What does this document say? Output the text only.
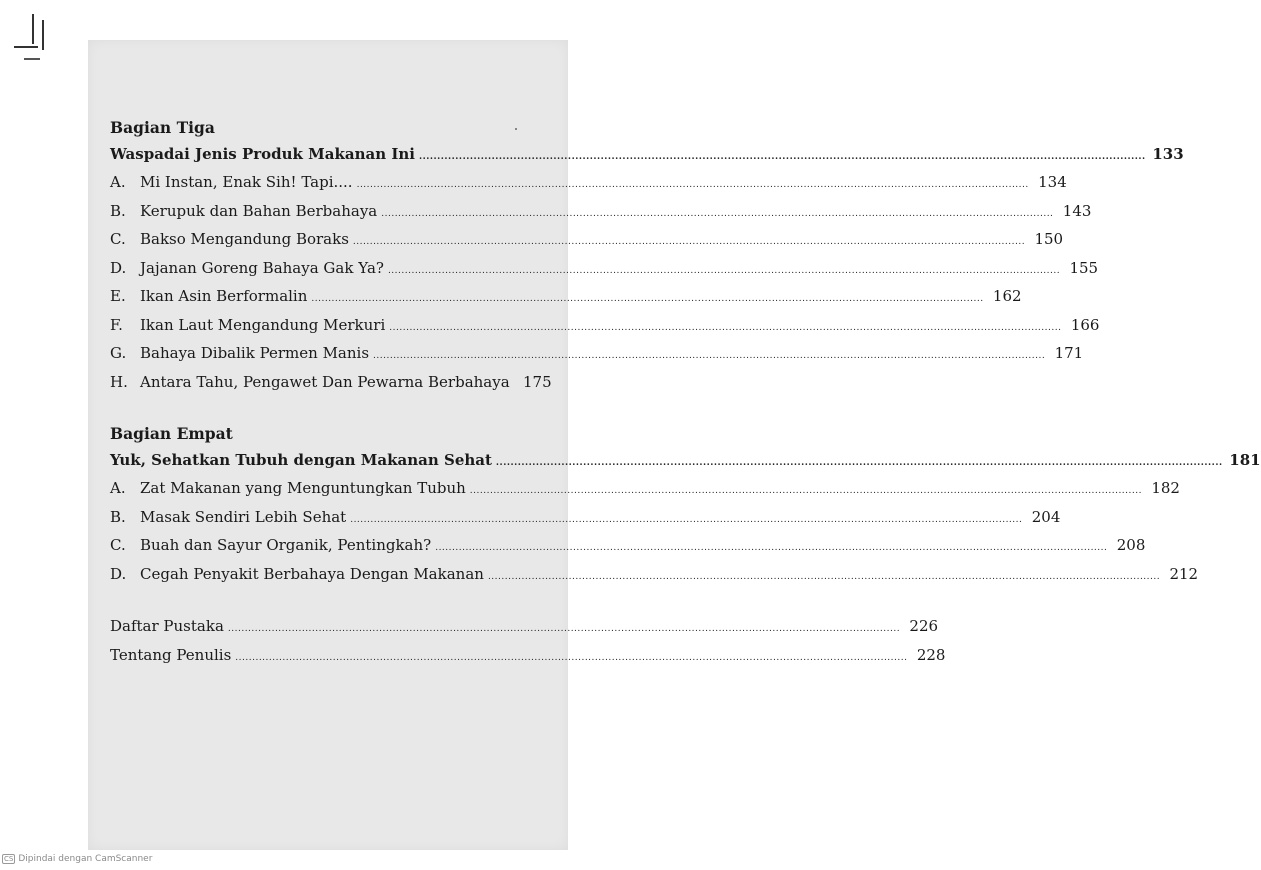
Bagian Tiga
Bagian Empat
CS Dipindai dengan CamScanner
Waspadai Jenis Produk Makanan Ini ........................................................................................................................................................................................................ 133
A. Mi Instan, Enak Sih! Tapi.... ........................................................................................................................................................................................................ 134
B. Kerupuk dan Bahan Berbahaya ........................................................................................................................................................................................................ 143
C. Bakso Mengandung Boraks ........................................................................................................................................................................................................ 150
D. Jajanan Goreng Bahaya Gak Ya? ........................................................................................................................................................................................................ 155
E. Ikan Asin Berformalin ........................................................................................................................................................................................................ 162
F.	Ikan Laut Mengandung Merkuri ........................................................................................................................................................................................................ 166
G. Bahaya Dibalik Permen Manis ........................................................................................................................................................................................................ 171
H. Antara Tahu, Pengawet Dan Pewarna Berbahaya 175
Yuk, Sehatkan Tubuh dengan Makanan Sehat ........................................................................................................................................................................................................ 181
A. Zat Makanan yang Menguntungkan Tubuh ........................................................................................................................................................................................................ 182
B. Masak Sendiri Lebih Sehat ........................................................................................................................................................................................................ 204
C. Buah dan Sayur Organik, Pentingkah? ........................................................................................................................................................................................................ 208
D. Cegah Penyakit Berbahaya Dengan Makanan ........................................................................................................................................................................................................ 212
Daftar Pustaka ........................................................................................................................................................................................................ 226
Tentang Penulis ........................................................................................................................................................................................................ 228
